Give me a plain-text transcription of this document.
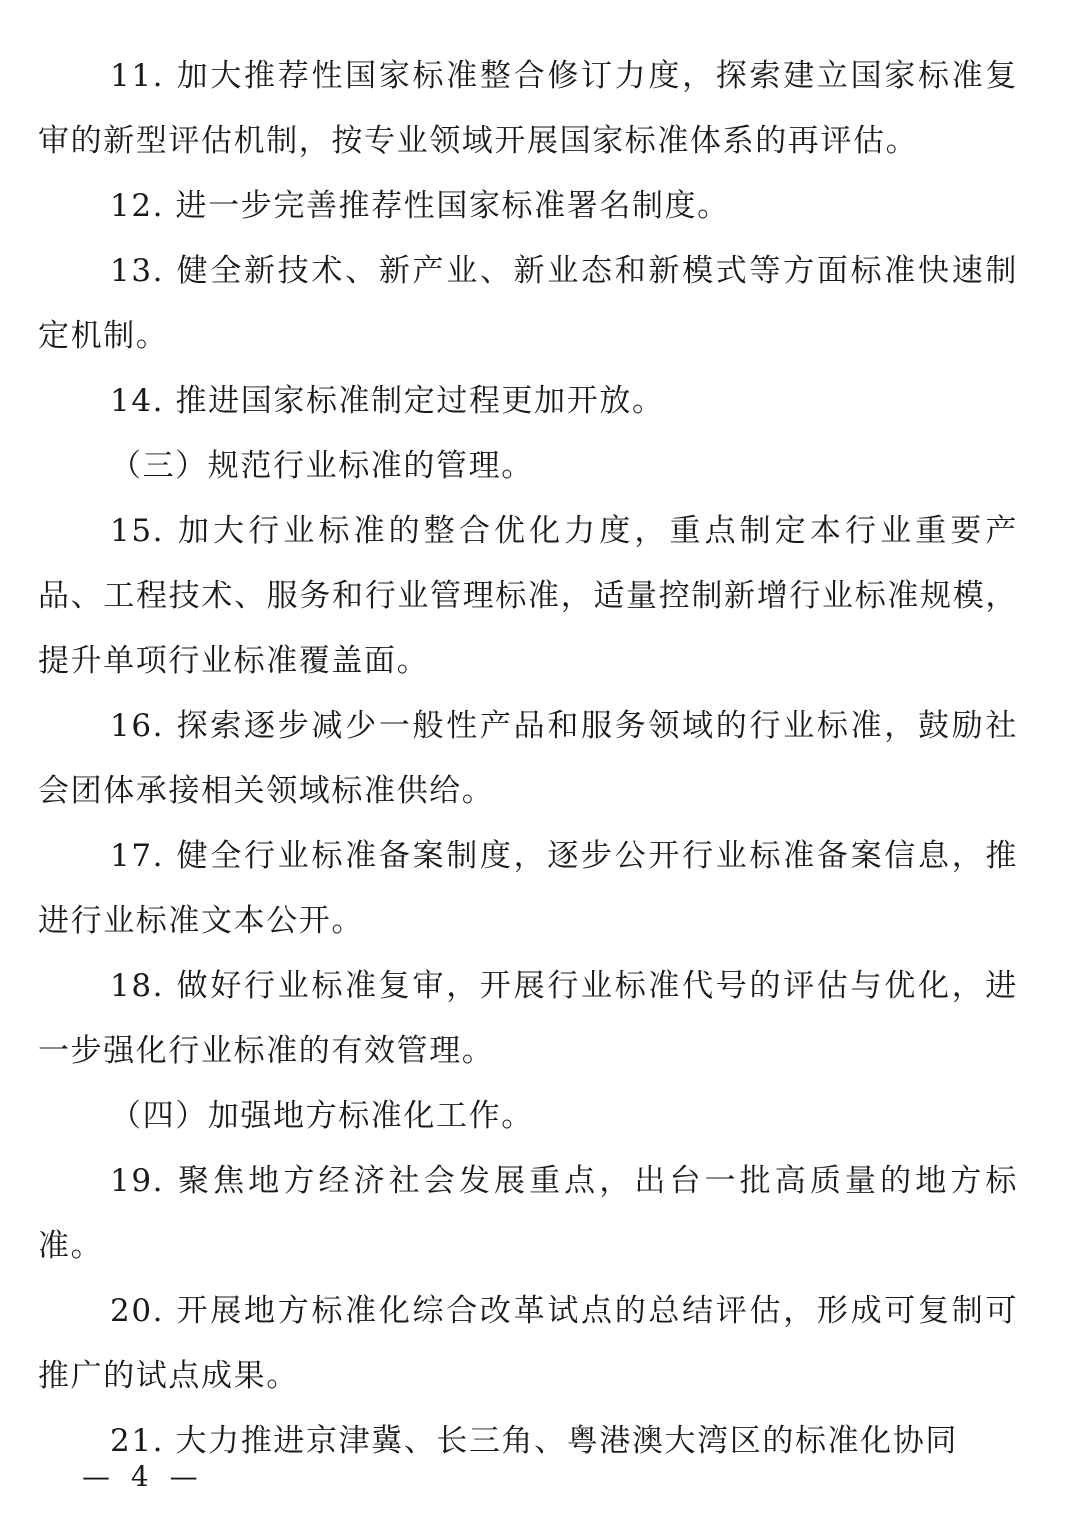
11. 加大推荐性国家标准整合修订力度，探索建立国家标准复审的新型评估机制，按专业领域开展国家标准体系的再评估。

12. 进一步完善推荐性国家标准署名制度。

13. 健全新技术、新产业、新业态和新模式等方面标准快速制定机制。

14. 推进国家标准制定过程更加开放。

（三）规范行业标准的管理。

15. 加大行业标准的整合优化力度，重点制定本行业重要产品、工程技术、服务和行业管理标准，适量控制新增行业标准规模，提升单项行业标准覆盖面。

16. 探索逐步减少一般性产品和服务领域的行业标准，鼓励社会团体承接相关领域标准供给。

17. 健全行业标准备案制度，逐步公开行业标准备案信息，推进行业标准文本公开。

18. 做好行业标准复审，开展行业标准代号的评估与优化，进一步强化行业标准的有效管理。

（四）加强地方标准化工作。

19. 聚焦地方经济社会发展重点，出台一批高质量的地方标准。

20. 开展地方标准化综合改革试点的总结评估，形成可复制可推广的试点成果。

21. 大力推进京津冀、长三角、粤港澳大湾区的标准化协同

— 4 —
